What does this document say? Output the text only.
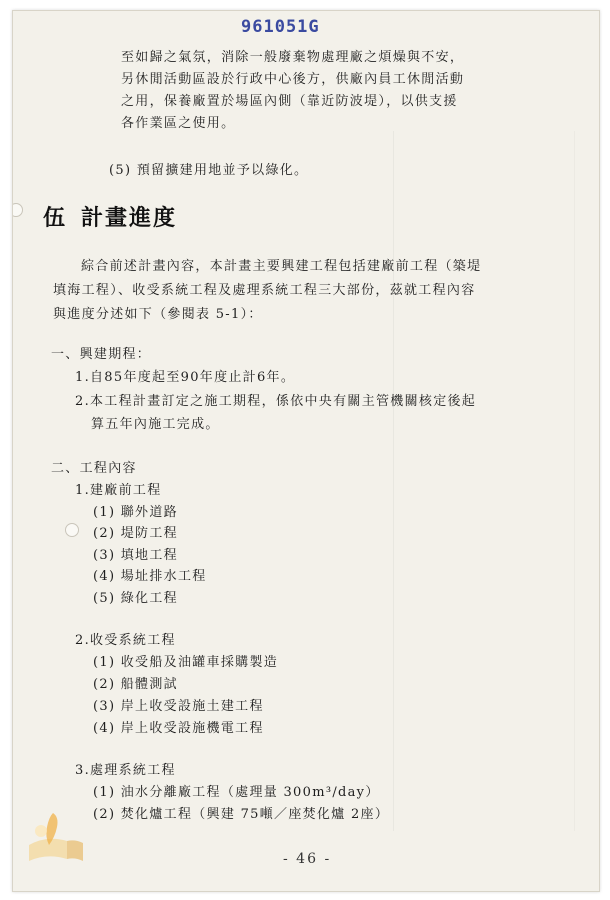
961051G
至如歸之氣氛，消除一般廢棄物處理廠之煩燥與不安，
另休閒活動區設於行政中心後方，供廠內員工休閒活動
之用，保養廠置於場區內側（靠近防波堤），以供支援
各作業區之使用。
(5) 預留擴建用地並予以綠化。
伍 計畫進度
綜合前述計畫內容，本計畫主要興建工程包括建廠前工程（築堤
填海工程）、收受系統工程及處理系統工程三大部份，茲就工程內容
與進度分述如下（參閱表 5-1）：
一、興建期程：
1.自85年度起至90年度止計6年。
2.本工程計畫訂定之施工期程，係依中央有關主管機關核定後起
算五年內施工完成。
二、工程內容
1.建廠前工程
(1) 聯外道路
(2) 堤防工程
(3) 填地工程
(4) 場址排水工程
(5) 綠化工程
2.收受系統工程
(1) 收受船及油罐車採購製造
(2) 船體測試
(3) 岸上收受設施土建工程
(4) 岸上收受設施機電工程
3.處理系統工程
(1) 油水分離廠工程（處理量 300m³/day）
(2) 焚化爐工程（興建 75噸／座焚化爐 2座）
- 46 -
